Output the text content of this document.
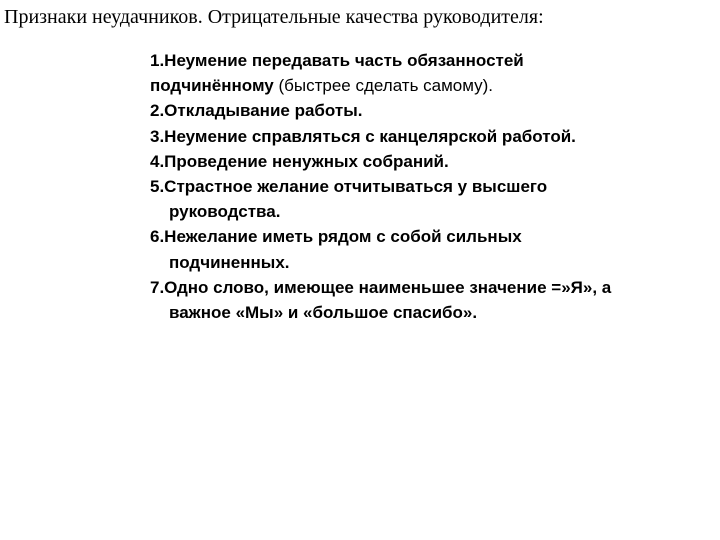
Признаки неудачников. Отрицательные качества руководителя:
1.Неумение передавать часть обязанностей
подчинённому (быстрее сделать самому).
2.Откладывание работы.
3.Неумение справляться с канцелярской работой.
4.Проведение ненужных собраний.
5.Страстное желание отчитываться у высшего
руководства.
6.Нежелание иметь рядом с собой сильных
подчиненных.
7.Одно слово, имеющее наименьшее значение =»Я», а
важное «Мы» и «большое спасибо».
